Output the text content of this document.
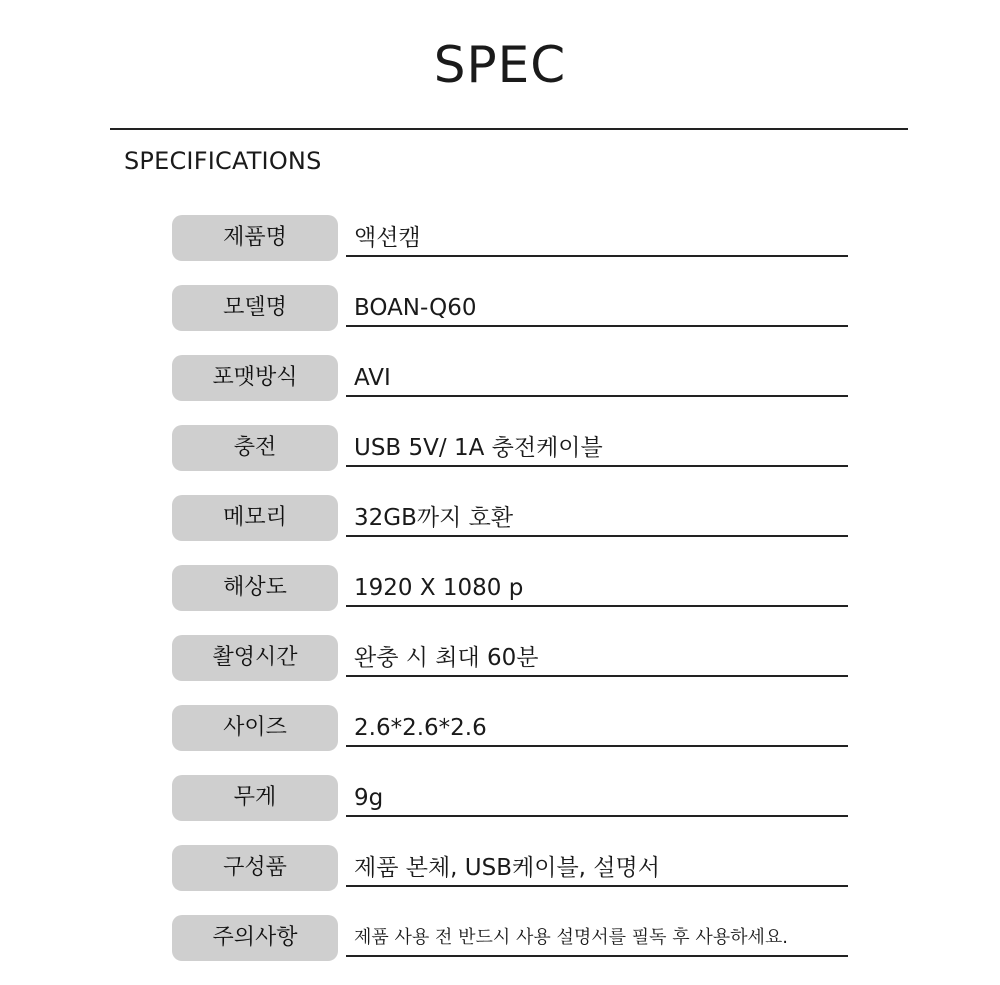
SPEC
SPECIFICATIONS
제품명	액션캠
모델명	BOAN-Q60
포맷방식	AVI
충전	USB 5V/ 1A 충전케이블
메모리	32GB까지 호환
해상도	1920 X 1080 p
촬영시간	완충 시 최대 60분
사이즈	2.6*2.6*2.6
무게	9g
구성품	제품 본체, USB케이블, 설명서
주의사항	제품 사용 전 반드시 사용 설명서를 필독 후 사용하세요.
